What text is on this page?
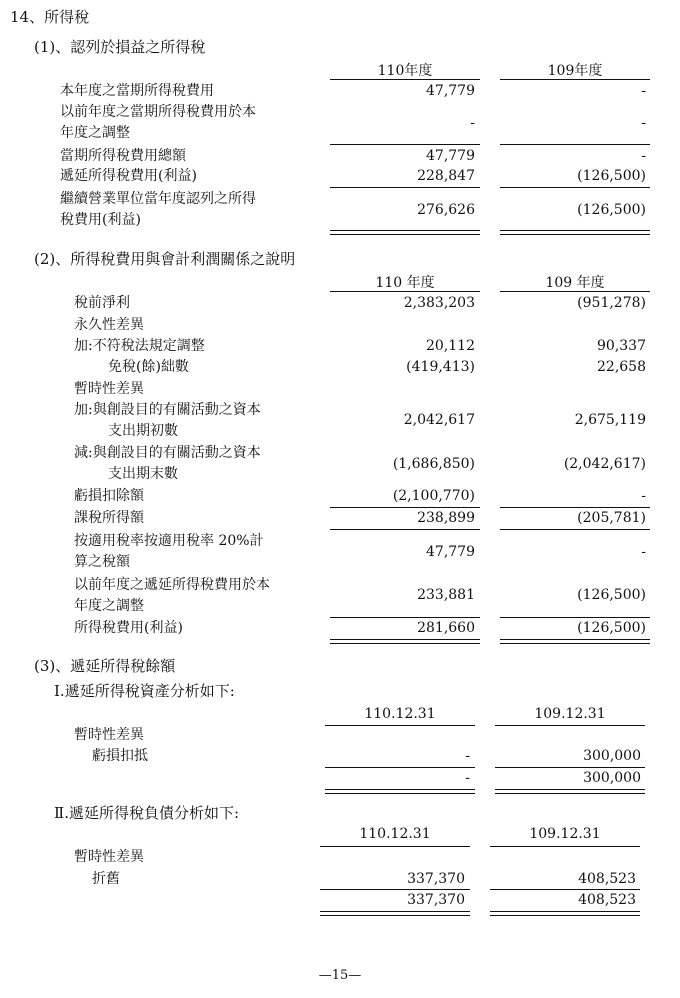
14、所得稅
(1)、認列於損益之所得稅
110年度	109年度
本年度之當期所得稅費用	47,779	-
以前年度之當期所得稅費用於本
年度之調整
-	-
當期所得稅費用總額	47,779	-
遞延所得稅費用(利益)	228,847	(126,500)
繼續營業單位當年度認列之所得
稅費用(利益)
276,626	(126,500)
(2)、所得稅費用與會計利潤關係之說明
110 年度	109 年度
稅前淨利	2,383,203	(951,278)
永久性差異
加:不符稅法規定調整	20,112	90,337
免稅(餘)絀數	(419,413)	22,658
暫時性差異
加:與創設目的有關活動之資本
支出期初數
2,042,617	2,675,119
減:與創設目的有關活動之資本
支出期末數
(1,686,850)	(2,042,617)
虧損扣除額	(2,100,770)	-
課稅所得額	238,899	(205,781)
按適用稅率按適用稅率 20%計
算之稅額
47,779	-
以前年度之遞延所得稅費用於本
年度之調整
233,881	(126,500)
所得稅費用(利益)	281,660	(126,500)
(3)、遞延所得稅餘額
Ⅰ.遞延所得稅資產分析如下:
110.12.31	109.12.31
暫時性差異
虧損扣抵	-	300,000
-	300,000
Ⅱ.遞延所得稅負債分析如下:
110.12.31	109.12.31
暫時性差異
折舊	337,370	408,523
337,370	408,523
—15—
